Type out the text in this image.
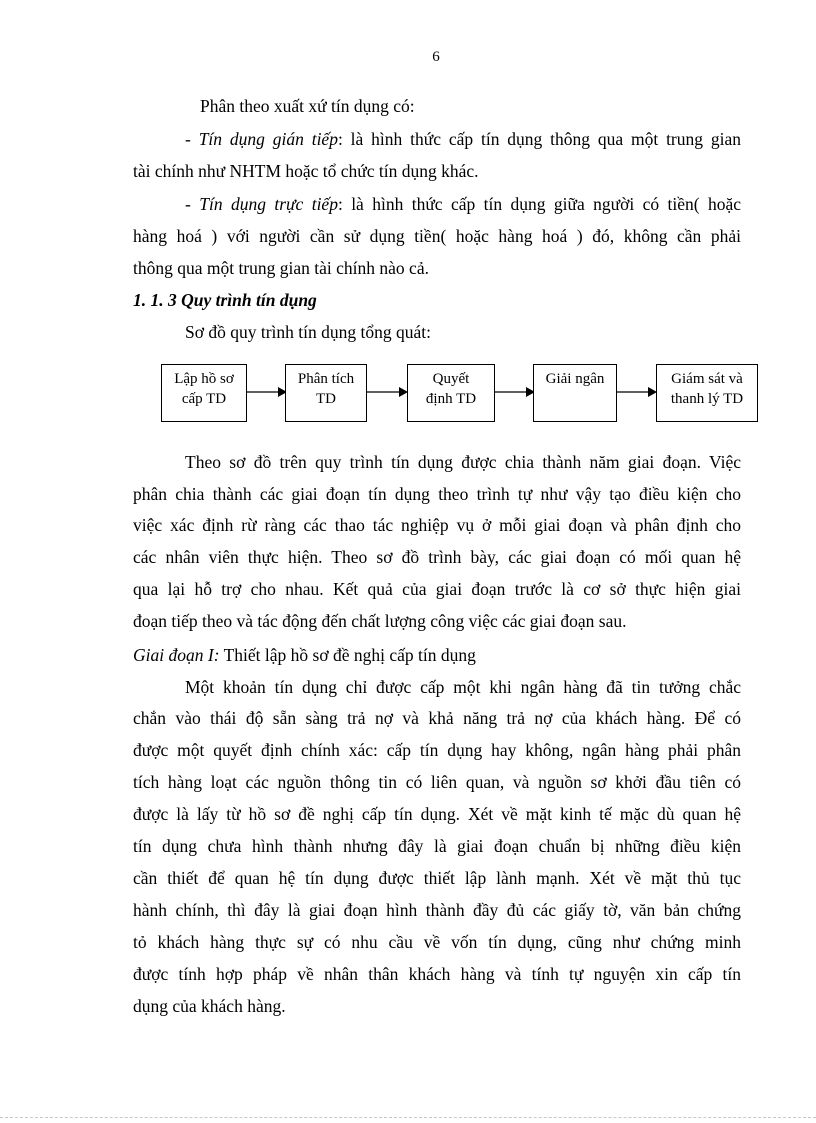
6
Phân theo xuất xứ tín dụng có:
- Tín dụng gián tiếp: là hình thức cấp tín dụng thông qua một trung gian
tài chính như NHTM hoặc tổ chức tín dụng khác.
- Tín dụng trực tiếp: là hình thức cấp tín dụng giữa người có tiền( hoặc
hàng hoá ) với người cần sử dụng tiền( hoặc hàng hoá ) đó, không cần phải
thông qua một trung gian tài chính nào cả.
1. 1. 3 Quy trình tín dụng
Sơ đồ quy trình tín dụng tổng quát:
Lập hồ sơ
cấp TD
Phân tích
TD
Quyết
định TD
Giải ngân	Giám sát và
thanh lý TD
Theo sơ đồ trên quy trình tín dụng được chia thành năm giai đoạn. Việc
phân chia thành các giai đoạn tín dụng theo trình tự như vậy tạo điều kiện cho
việc xác định rừ ràng các thao tác nghiệp vụ ở mỗi giai đoạn và phân định cho
các nhân viên thực hiện. Theo sơ đồ trình bày, các giai đoạn có mối quan hệ
qua lại hỗ trợ cho nhau. Kết quả của giai đoạn trước là cơ sở thực hiện giai
đoạn tiếp theo và tác động đến chất lượng công việc các giai đoạn sau.
Giai đoạn I: Thiết lập hồ sơ đề nghị cấp tín dụng
Một khoản tín dụng chỉ được cấp một khi ngân hàng đã tin tưởng chắc
chắn vào thái độ sẵn sàng trả nợ và khả năng trả nợ của khách hàng. Để có
được một quyết định chính xác: cấp tín dụng hay không, ngân hàng phải phân
tích hàng loạt các nguồn thông tin có liên quan, và nguồn sơ khởi đầu tiên có
được là lấy từ hồ sơ đề nghị cấp tín dụng. Xét về mặt kinh tế mặc dù quan hệ
tín dụng chưa hình thành nhưng đây là giai đoạn chuẩn bị những điều kiện
cần thiết để quan hệ tín dụng được thiết lập lành mạnh. Xét về mặt thủ tục
hành chính, thì đây là giai đoạn hình thành đầy đủ các giấy tờ, văn bản chứng
tỏ khách hàng thực sự có nhu cầu về vốn tín dụng, cũng như chứng minh
được tính hợp pháp về nhân thân khách hàng và tính tự nguyện xin cấp tín
dụng của khách hàng.
